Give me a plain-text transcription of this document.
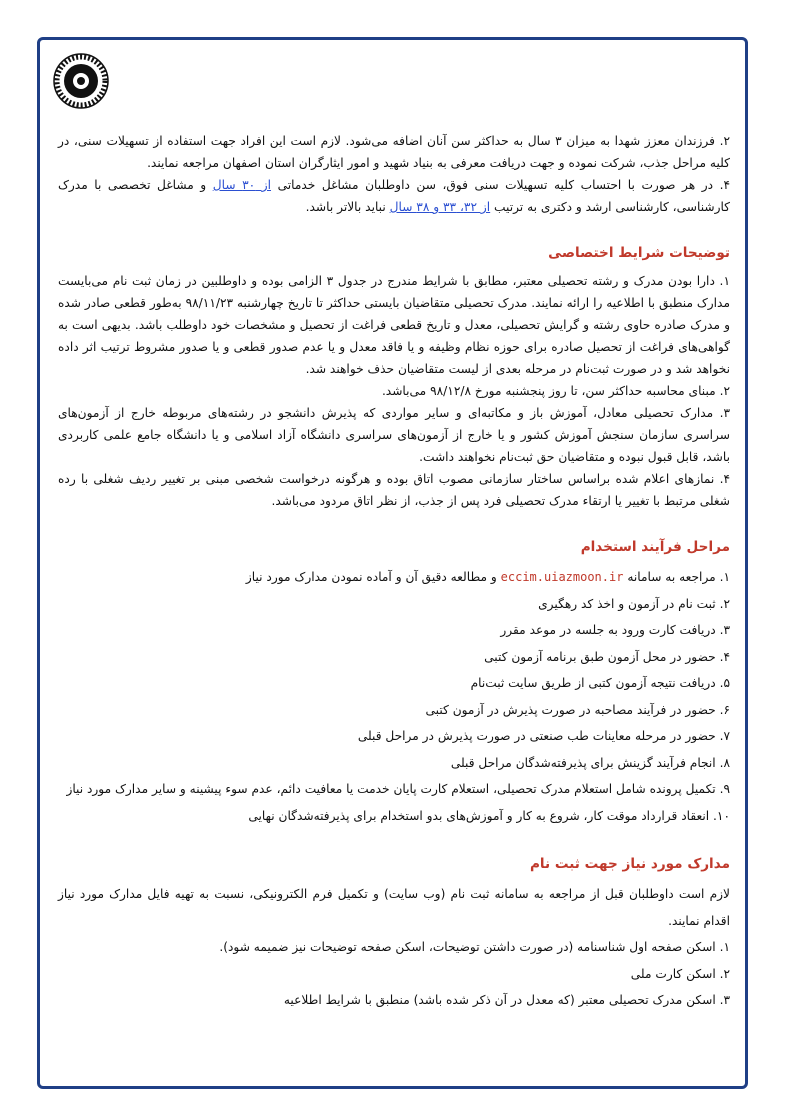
۲. فرزندان معزز شهدا به میزان ۳ سال به حداکثر سن آنان اضافه می‌شود. لازم است این افراد جهت استفاده از تسهیلات سنی، در کلیه مراحل جذب، شرکت نموده و جهت دریافت معرفی به بنیاد شهید و امور ایثارگران استان اصفهان مراجعه نمایند.

۴. در هر صورت با احتساب کلیه تسهیلات سنی فوق، سن داوطلبان مشاغل خدماتی از ۳۰ سال و مشاغل تخصصی با مدرک کارشناسی، کارشناسی ارشد و دکتری به ترتیب از ۳۲، ۳۳ و ۳۸ سال نباید بالاتر باشد.

توضیحات شرایط اختصاصی

۱. دارا بودن مدرک و رشته تحصیلی معتبر، مطابق با شرایط مندرج در جدول ۳ الزامی بوده و داوطلبین در زمان ثبت نام می‌بایست مدارک منطبق با اطلاعیه را ارائه نمایند. مدرک تحصیلی متقاضیان بایستی حداکثر تا تاریخ چهارشنبه ۹۸/۱۱/۲۳ به‌طور قطعی صادر شده و مدرک صادره حاوی رشته و گرایش تحصیلی، معدل و تاریخ قطعی فراغت از تحصیل و مشخصات خود داوطلب باشد. بدیهی است به گواهی‌های فراغت از تحصیل صادره برای حوزه نظام وظیفه و یا فاقد معدل و یا عدم صدور قطعی و یا صدور مشروط ترتیب اثر داده نخواهد شد و در صورت ثبت‌نام در مرحله بعدی از لیست متقاضیان حذف خواهند شد.

۲. مبنای محاسبه حداکثر سن، تا روز پنجشنبه مورخ ۹۸/۱۲/۸ می‌باشد.

۳. مدارک تحصیلی معادل، آموزش باز و مکاتبه‌ای و سایر مواردی که پذیرش دانشجو در رشته‌های مربوطه خارج از آزمون‌های سراسری سازمان سنجش آموزش کشور و یا خارج از آزمون‌های سراسری دانشگاه آزاد اسلامی و یا دانشگاه جامع علمی کاربردی باشد، قابل قبول نبوده و متقاضیان حق ثبت‌نام نخواهند داشت.

۴. نمازهای اعلام شده براساس ساختار سازمانی مصوب اتاق بوده و هرگونه درخواست شخصی مبنی بر تغییر ردیف شغلی با رده شغلی مرتبط با تغییر یا ارتقاء مدرک تحصیلی فرد پس از جذب، از نظر اتاق مردود می‌باشد.

مراحل فرآیند استخدام

۱. مراجعه به سامانه eccim.uiazmoon.ir و مطالعه دقیق آن و آماده نمودن مدارک مورد نیاز

۲. ثبت نام در آزمون و اخذ کد رهگیری

۳. دریافت کارت ورود به جلسه در موعد مقرر

۴. حضور در محل آزمون طبق برنامه آزمون کتبی

۵. دریافت نتیجه آزمون کتبی از طریق سایت ثبت‌نام

۶. حضور در فرآیند مصاحبه در صورت پذیرش در آزمون کتبی

۷. حضور در مرحله معاینات طب صنعتی در صورت پذیرش در مراحل قبلی

۸. انجام فرآیند گزینش برای پذیرفته‌شدگان مراحل قبلی

۹. تکمیل پرونده شامل استعلام مدرک تحصیلی، استعلام کارت پایان خدمت یا معافیت دائم، عدم سوء پیشینه و سایر مدارک مورد نیاز

۱۰. انعقاد قرارداد موقت کار، شروع به کار و آموزش‌های بدو استخدام برای پذیرفته‌شدگان نهایی

مدارک مورد نیاز جهت ثبت نام

لازم است داوطلبان قبل از مراجعه به سامانه ثبت نام (وب سایت) و تکمیل فرم الکترونیکی، نسبت به تهیه فایل مدارک مورد نیاز اقدام نمایند.

۱. اسکن صفحه اول شناسنامه (در صورت داشتن توضیحات، اسکن صفحه توضیحات نیز ضمیمه شود).

۲. اسکن کارت ملی

۳. اسکن مدرک تحصیلی معتبر (که معدل در آن ذکر شده باشد) منطبق با شرایط اطلاعیه
